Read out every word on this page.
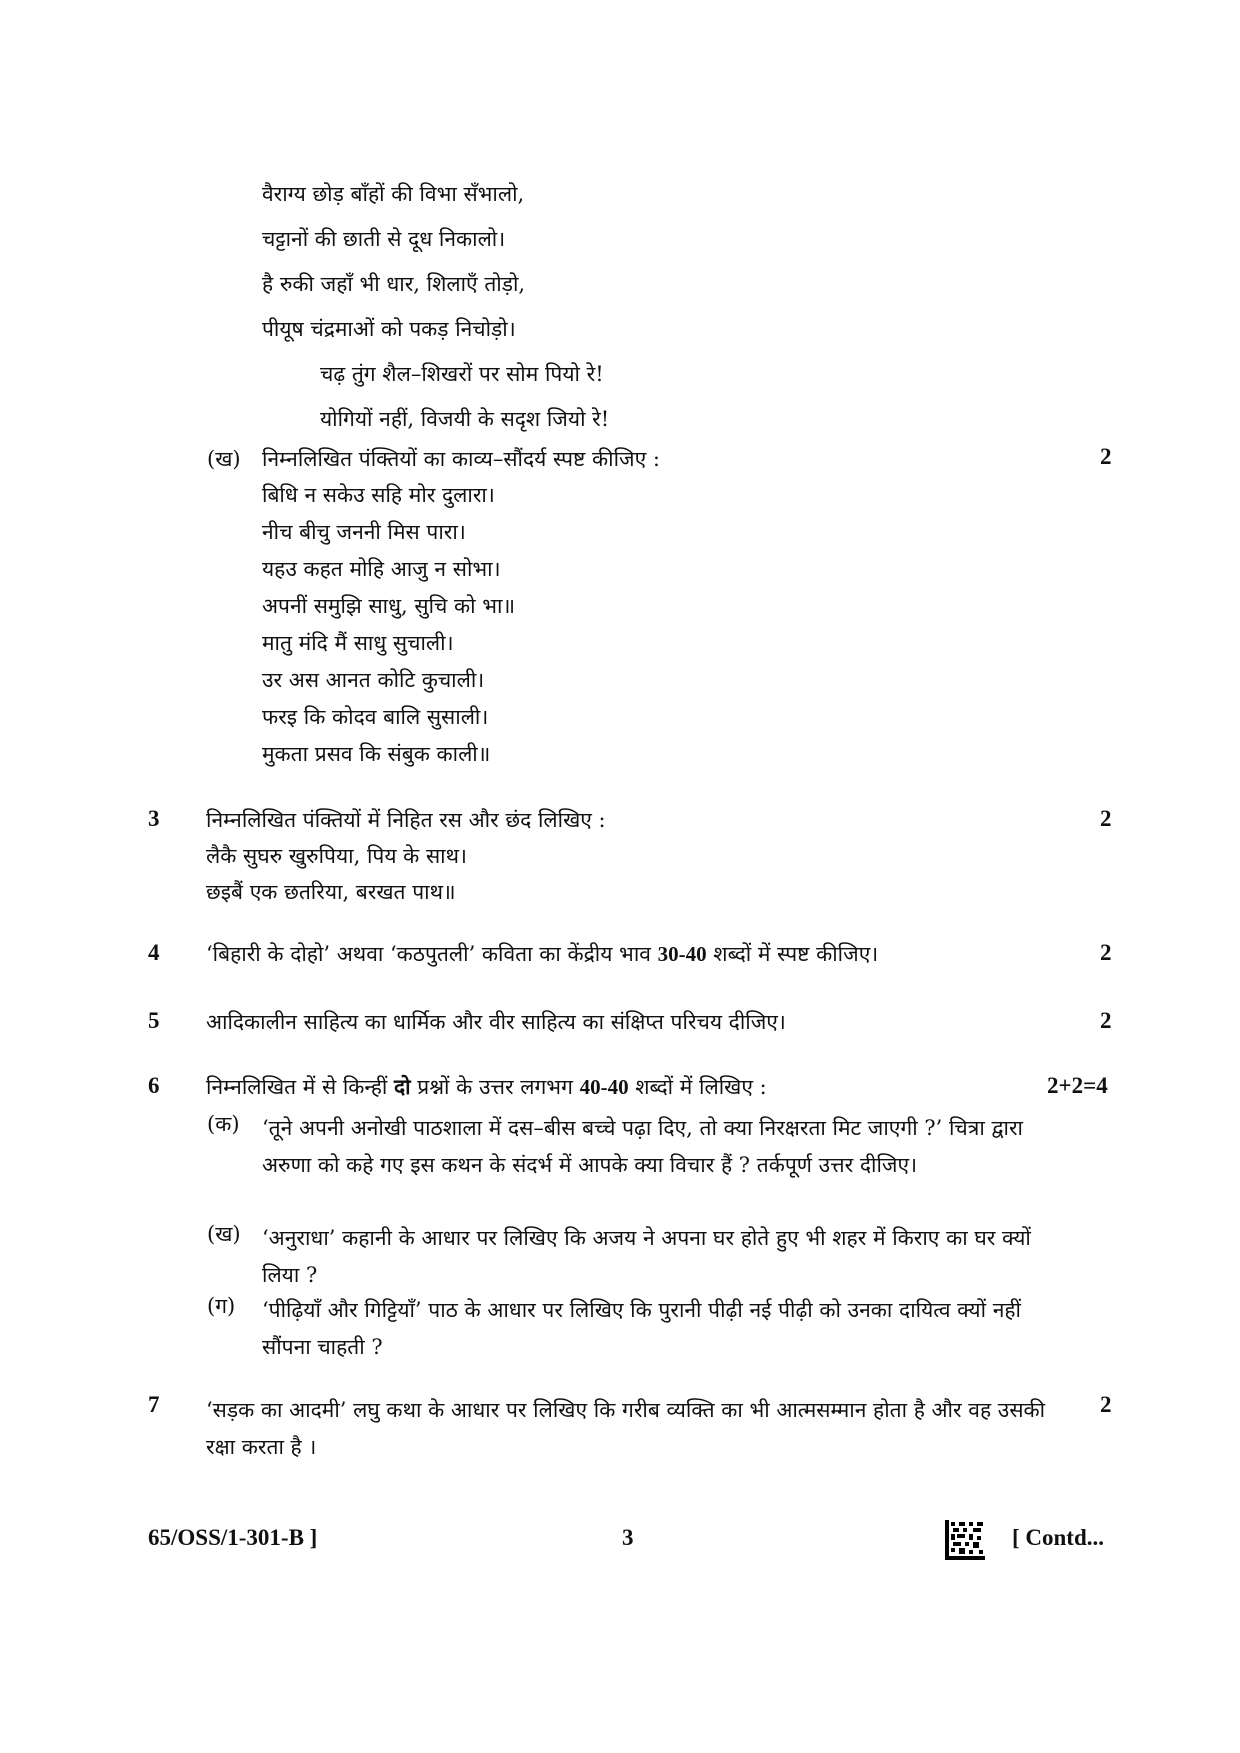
वैराग्य छोड़ बाँहों की विभा सँभालो,
चट्टानों की छाती से दूध निकालो।
है रुकी जहाँ भी धार, शिलाएँ तोड़ो,
पीयूष चंद्रमाओं को पकड़ निचोड़ो।
चढ़ तुंग शैल–शिखरों पर सोम पियो रे!
योगियों नहीं, विजयी के सदृश जियो रे!
(ख) निम्नलिखित पंक्तियों का काव्य–सौंदर्य स्पष्ट कीजिए :	2
बिधि न सकेउ सहि मोर दुलारा।
नीच बीचु जननी मिस पारा।
यहउ कहत मोहि आजु न सोभा।
अपनीं समुझि साधु, सुचि को भा॥
मातु मंदि मैं साधु सुचाली।
उर अस आनत कोटि कुचाली।
फरइ कि कोदव बालि सुसाली।
मुकता प्रसव कि संबुक काली॥
3 निम्नलिखित पंक्तियों में निहित रस और छंद लिखिए :	2
लैकै सुघरु खुरुपिया, पिय के साथ।
छइबैं एक छतरिया, बरखत पाथ॥
4 ‘बिहारी के दोहो’ अथवा ‘कठपुतली’ कविता का केंद्रीय भाव 30-40 शब्दों में स्पष्ट कीजिए।	2
5 आदिकालीन साहित्य का धार्मिक और वीर साहित्य का संक्षिप्त परिचय दीजिए।	2
6 निम्नलिखित में से किन्हीं दो प्रश्नों के उत्तर लगभग 40-40 शब्दों में लिखिए :	2+2=4
(क) ‘तूने अपनी अनोखी पाठशाला में दस–बीस बच्चे पढ़ा दिए, तो क्या निरक्षरता मिट जाएगी ?’ चित्रा द्वारा अरुणा को कहे गए इस कथन के संदर्भ में आपके क्या विचार हैं ? तर्कपूर्ण उत्तर दीजिए।
(ख) ‘अनुराधा’ कहानी के आधार पर लिखिए कि अजय ने अपना घर होते हुए भी शहर में किराए का घर क्यों लिया ?
(ग) ‘पीढ़ियाँ और गिट्टियाँ’ पाठ के आधार पर लिखिए कि पुरानी पीढ़ी नई पीढ़ी को उनका दायित्व क्यों नहीं सौंपना चाहती ?
7 ‘सड़क का आदमी’ लघु कथा के आधार पर लिखिए कि गरीब व्यक्ति का भी आत्मसम्मान होता है और वह उसकी रक्षा करता है ।
2
65/OSS/1-301-B ]	3	[ Contd...
